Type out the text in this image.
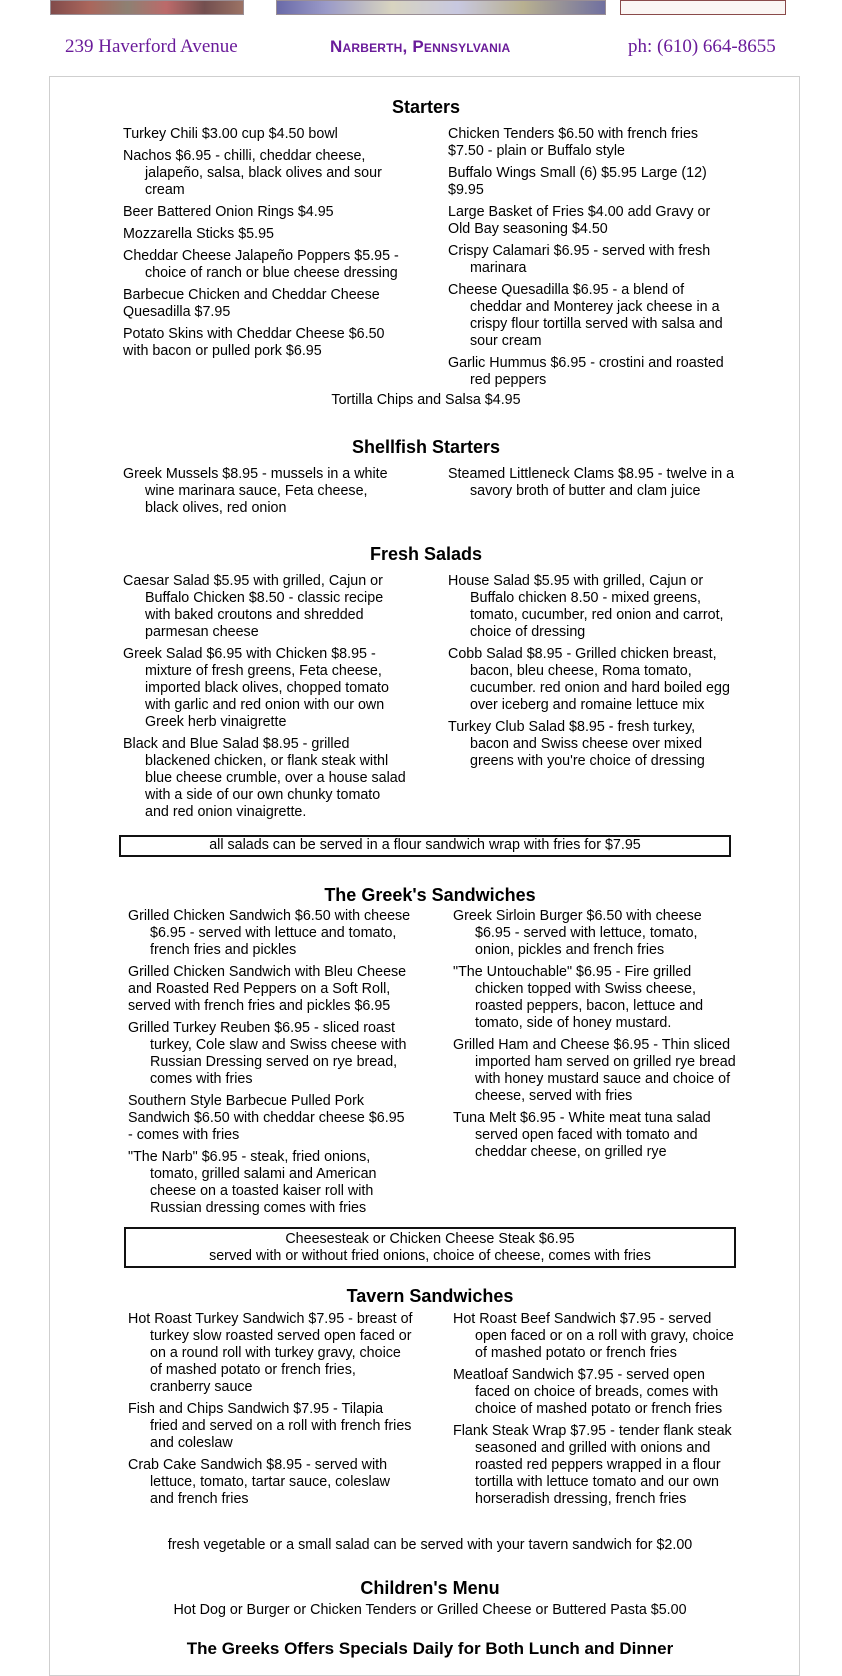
239 Haverford Avenue	Narberth, Pennsylvania	ph: (610) 664-8655
Starters
Turkey Chili $3.00 cup $4.50 bowl
Nachos $6.95 - chilli, cheddar cheese, jalapeño, salsa, black olives and sour cream
Beer Battered Onion Rings $4.95
Mozzarella Sticks $5.95
Cheddar Cheese Jalapeño Poppers $5.95 - choice of ranch or blue cheese dressing
Barbecue Chicken and Cheddar Cheese Quesadilla $7.95
Potato Skins with Cheddar Cheese $6.50 with bacon or pulled pork $6.95
Chicken Tenders $6.50 with french fries $7.50 - plain or Buffalo style
Buffalo Wings Small (6) $5.95 Large (12) $9.95
Large Basket of Fries $4.00 add Gravy or Old Bay seasoning $4.50
Crispy Calamari $6.95 - served with fresh marinara
Cheese Quesadilla $6.95 - a blend of cheddar and Monterey jack cheese in a crispy flour tortilla served with salsa and sour cream
Garlic Hummus $6.95 - crostini and roasted red peppers
Tortilla Chips and Salsa $4.95
Shellfish Starters
Greek Mussels $8.95 - mussels in a white wine marinara sauce, Feta cheese, black olives, red onion
Steamed Littleneck Clams $8.95 - twelve in a savory broth of butter and clam juice
Fresh Salads
Caesar Salad $5.95 with grilled, Cajun or Buffalo Chicken $8.50 - classic recipe with baked croutons and shredded parmesan cheese
Greek Salad $6.95 with Chicken $8.95 - mixture of fresh greens, Feta cheese, imported black olives, chopped tomato with garlic and red onion with our own Greek herb vinaigrette
Black and Blue Salad $8.95 - grilled blackened chicken, or flank steak withl blue cheese crumble, over a house salad with a side of our own chunky tomato and red onion vinaigrette.
House Salad $5.95 with grilled, Cajun or Buffalo chicken 8.50 - mixed greens, tomato, cucumber, red onion and carrot, choice of dressing
Cobb Salad $8.95 - Grilled chicken breast, bacon, bleu cheese, Roma tomato, cucumber. red onion and hard boiled egg over iceberg and romaine lettuce mix
Turkey Club Salad $8.95 - fresh turkey, bacon and Swiss cheese over mixed greens with you're choice of dressing
all salads can be served in a flour sandwich wrap with fries for $7.95
The Greek's Sandwiches
Grilled Chicken Sandwich $6.50 with cheese $6.95 - served with lettuce and tomato, french fries and pickles
Grilled Chicken Sandwich with Bleu Cheese and Roasted Red Peppers on a Soft Roll, served with french fries and pickles $6.95
Grilled Turkey Reuben $6.95 - sliced roast turkey, Cole slaw and Swiss cheese with Russian Dressing served on rye bread, comes with fries
Southern Style Barbecue Pulled Pork Sandwich $6.50 with cheddar cheese $6.95 - comes with fries
"The Narb" $6.95 - steak, fried onions, tomato, grilled salami and American cheese on a toasted kaiser roll with Russian dressing comes with fries
Greek Sirloin Burger $6.50 with cheese $6.95 - served with lettuce, tomato, onion, pickles and french fries
"The Untouchable" $6.95 - Fire grilled chicken topped with Swiss cheese, roasted peppers, bacon, lettuce and tomato, side of honey mustard.
Grilled Ham and Cheese $6.95 - Thin sliced imported ham served on grilled rye bread with honey mustard sauce and choice of cheese, served with fries
Tuna Melt $6.95 - White meat tuna salad served open faced with tomato and cheddar cheese, on grilled rye
Cheesesteak or Chicken Cheese Steak $6.95
served with or without fried onions, choice of cheese, comes with fries
Tavern Sandwiches
Hot Roast Turkey Sandwich $7.95 - breast of turkey slow roasted served open faced or on a round roll with turkey gravy, choice of mashed potato or french fries, cranberry sauce
Fish and Chips Sandwich $7.95 - Tilapia fried and served on a roll with french fries and coleslaw
Crab Cake Sandwich $8.95 - served with lettuce, tomato, tartar sauce, coleslaw and french fries
Hot Roast Beef Sandwich $7.95 - served open faced or on a roll with gravy, choice of mashed potato or french fries
Meatloaf Sandwich $7.95 - served open faced on choice of breads, comes with choice of mashed potato or french fries
Flank Steak Wrap $7.95 - tender flank steak seasoned and grilled with onions and roasted red peppers wrapped in a flour tortilla with lettuce tomato and our own horseradish dressing, french fries
fresh vegetable or a small salad can be served with your tavern sandwich for $2.00
Children's Menu
Hot Dog or Burger or Chicken Tenders or Grilled Cheese or Buttered Pasta $5.00
The Greeks Offers Specials Daily for Both Lunch and Dinner
